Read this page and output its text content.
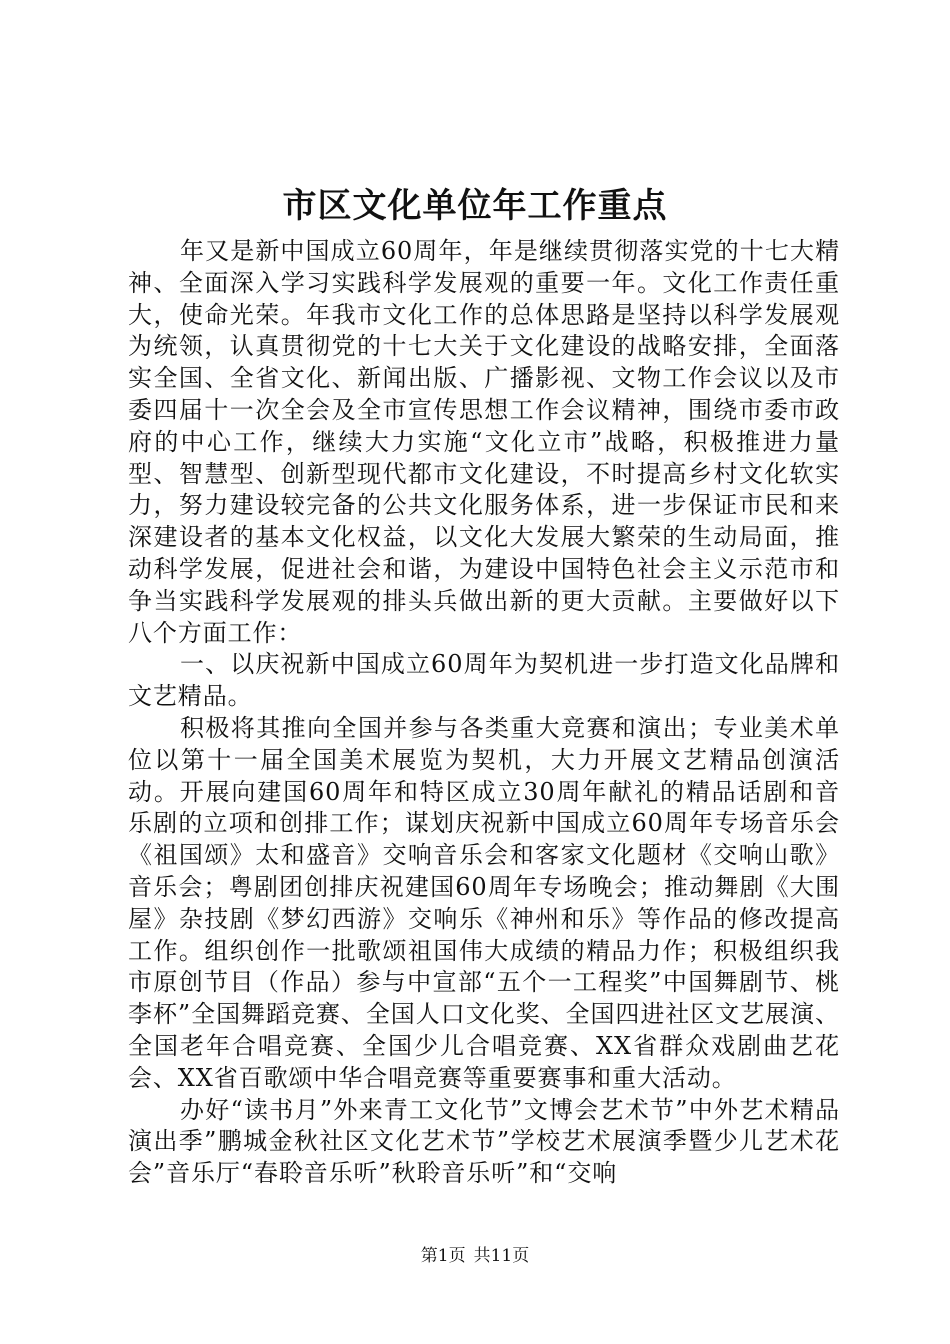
市区文化单位年工作重点

年又是新中国成立60周年，年是继续贯彻落实党的十七大精神、全面深入学习实践科学发展观的重要一年。文化工作责任重大，使命光荣。年我市文化工作的总体思路是坚持以科学发展观为统领，认真贯彻党的十七大关于文化建设的战略安排，全面落实全国、全省文化、新闻出版、广播影视、文物工作会议以及市委四届十一次全会及全市宣传思想工作会议精神，围绕市委市政府的中心工作，继续大力实施“文化立市”战略，积极推进力量型、智慧型、创新型现代都市文化建设，不时提高乡村文化软实力，努力建设较完备的公共文化服务体系，进一步保证市民和来深建设者的基本文化权益，以文化大发展大繁荣的生动局面，推动科学发展，促进社会和谐，为建设中国特色社会主义示范市和争当实践科学发展观的排头兵做出新的更大贡献。主要做好以下八个方面工作：

一、以庆祝新中国成立60周年为契机进一步打造文化品牌和文艺精品。

积极将其推向全国并参与各类重大竞赛和演出；专业美术单位以第十一届全国美术展览为契机，大力开展文艺精品创演活动。开展向建国60周年和特区成立30周年献礼的精品话剧和音乐剧的立项和创排工作；谋划庆祝新中国成立60周年专场音乐会《祖国颂》太和盛音》交响音乐会和客家文化题材《交响山歌》音乐会；粤剧团创排庆祝建国60周年专场晚会；推动舞剧《大围屋》杂技剧《梦幻西游》交响乐《神州和乐》等作品的修改提高工作。组织创作一批歌颂祖国伟大成绩的精品力作；积极组织我市原创节目（作品）参与中宣部“五个一工程奖”中国舞剧节、桃李杯”全国舞蹈竞赛、全国人口文化奖、全国四进社区文艺展演、全国老年合唱竞赛、全国少儿合唱竞赛、XX省群众戏剧曲艺花会、XX省百歌颂中华合唱竞赛等重要赛事和重大活动。

办好“读书月”外来青工文化节”文博会艺术节”中外艺术精品演出季”鹏城金秋社区文化艺术节”学校艺术展演季暨少儿艺术花会”音乐厅“春聆音乐听”秋聆音乐听”和“交响

第1页 共11页
